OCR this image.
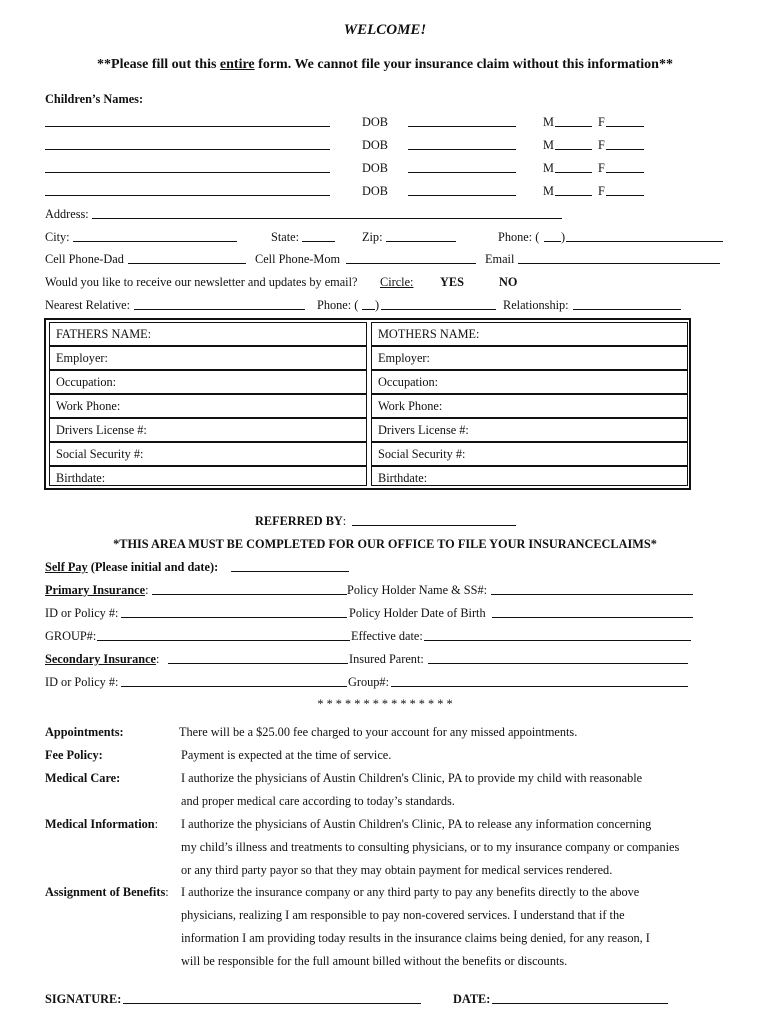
WELCOME!
**Please fill out this entire form. We cannot file your insurance claim without this information**
Children’s Names:
DOB	M	F
DOB	M	F
DOB	M	F
DOB	M	F
Address:
City:	State:	Zip:	Phone: ( )
Cell Phone-Dad	Cell Phone-Mom	Email
Would you like to receive our newsletter and updates by email? Circle: YES	NO
Nearest Relative:	Phone: ( )	Relationship:
FATHERS NAME:	MOTHERS NAME:
Employer:	Employer:
Occupation:	Occupation:
Work Phone:	Work Phone:
Drivers License #:	Drivers License #:
Social Security #:	Social Security #:
Birthdate:	Birthdate:
REFERRED BY:
*THIS AREA MUST BE COMPLETED FOR OUR OFFICE TO FILE YOUR INSURANCECLAIMS*
Self Pay (Please initial and date):
Primary Insurance:	Policy Holder Name & SS#:
ID or Policy #:	Policy Holder Date of Birth
GROUP#:	Effective date:
Secondary Insurance:	Insured Parent:
ID or Policy #:	Group#:
* * * * * * * * * * * * * * *
Appointments:	There will be a $25.00 fee charged to your account for any missed appointments.
Fee Policy:	Payment is expected at the time of service.
Medical Care:	I authorize the physicians of Austin Children's Clinic, PA to provide my child with reasonable
and proper medical care according to today’s standards.
Medical Information: I authorize the physicians of Austin Children's Clinic, PA to release any information concerning
my child’s illness and treatments to consulting physicians, or to my insurance company or companies
or any third party payor so that they may obtain payment for medical services rendered.
Assignment of Benefits: I authorize the insurance company or any third party to pay any benefits directly to the above
physicians, realizing I am responsible to pay non-covered services. I understand that if the
information I am providing today results in the insurance claims being denied, for any reason, I
will be responsible for the full amount billed without the benefits or discounts.
SIGNATURE:	DATE:
